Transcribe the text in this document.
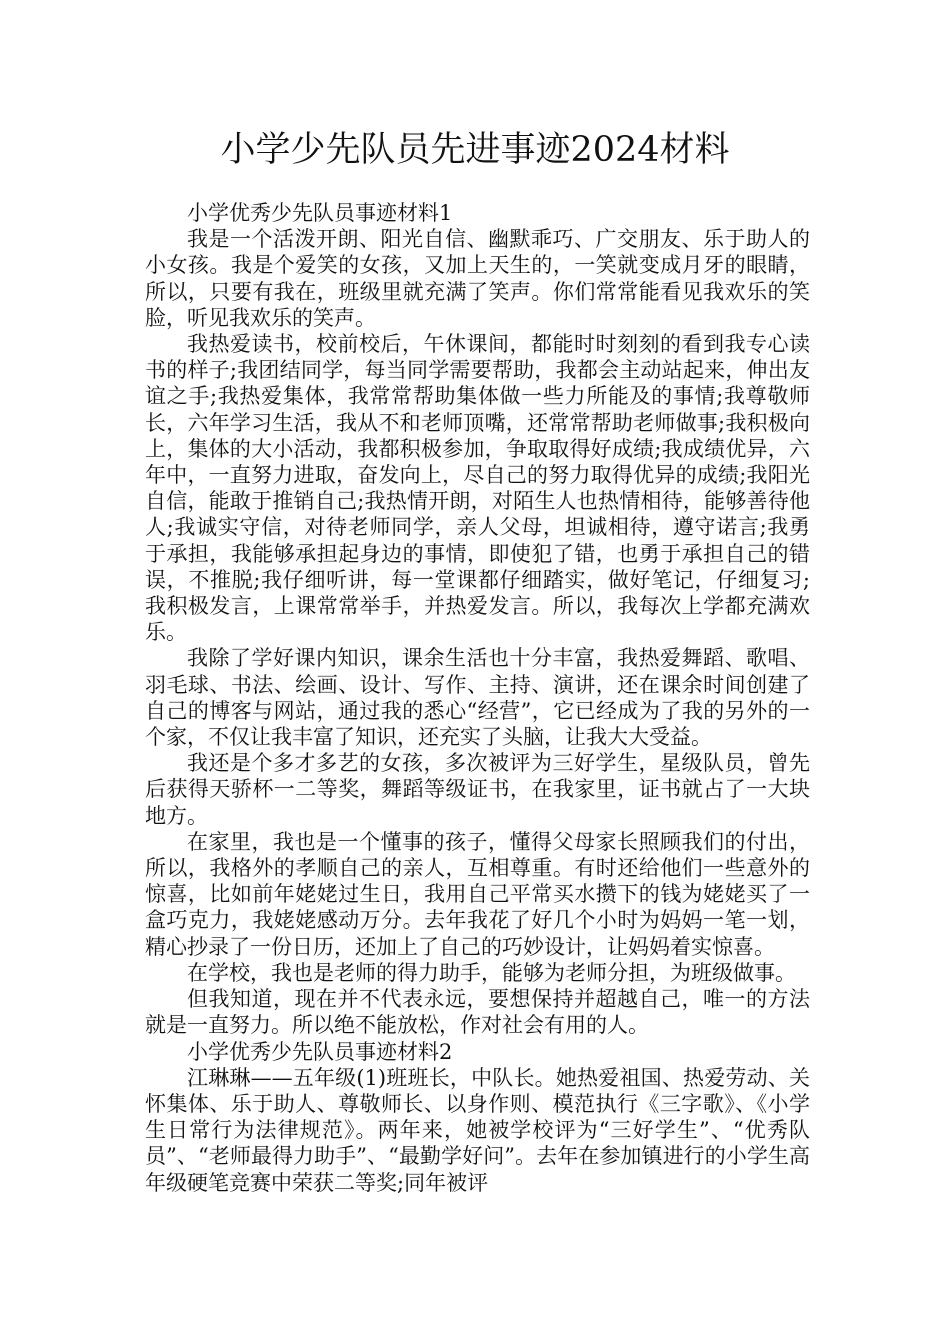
小学少先队员先进事迹2024材料

小学优秀少先队员事迹材料1

我是一个活泼开朗、阳光自信、幽默乖巧、广交朋友、乐于助人的小女孩。我是个爱笑的女孩，又加上天生的，一笑就变成月牙的眼睛，所以，只要有我在，班级里就充满了笑声。你们常常能看见我欢乐的笑脸，听见我欢乐的笑声。

我热爱读书，校前校后，午休课间，都能时时刻刻的看到我专心读书的样子;我团结同学，每当同学需要帮助，我都会主动站起来，伸出友谊之手;我热爱集体，我常常帮助集体做一些力所能及的事情;我尊敬师长，六年学习生活，我从不和老师顶嘴，还常常帮助老师做事;我积极向上，集体的大小活动，我都积极参加，争取取得好成绩;我成绩优异，六年中，一直努力进取，奋发向上，尽自己的努力取得优异的成绩;我阳光自信，能敢于推销自己;我热情开朗，对陌生人也热情相待，能够善待他人;我诚实守信，对待老师同学，亲人父母，坦诚相待，遵守诺言;我勇于承担，我能够承担起身边的事情，即使犯了错，也勇于承担自己的错误，不推脱;我仔细听讲，每一堂课都仔细踏实，做好笔记，仔细复习;我积极发言，上课常常举手，并热爱发言。所以，我每次上学都充满欢乐。

我除了学好课内知识，课余生活也十分丰富，我热爱舞蹈、歌唱、羽毛球、书法、绘画、设计、写作、主持、演讲，还在课余时间创建了自己的博客与网站，通过我的悉心“经营”，它已经成为了我的另外的一个家，不仅让我丰富了知识，还充实了头脑，让我大大受益。

我还是个多才多艺的女孩，多次被评为三好学生，星级队员，曾先后获得天骄杯一二等奖，舞蹈等级证书，在我家里，证书就占了一大块地方。

在家里，我也是一个懂事的孩子，懂得父母家长照顾我们的付出，所以，我格外的孝顺自己的亲人，互相尊重。有时还给他们一些意外的惊喜，比如前年姥姥过生日，我用自己平常买水攒下的钱为姥姥买了一盒巧克力，我姥姥感动万分。去年我花了好几个小时为妈妈一笔一划，精心抄录了一份日历，还加上了自己的巧妙设计，让妈妈着实惊喜。

在学校，我也是老师的得力助手，能够为老师分担，为班级做事。

但我知道，现在并不代表永远，要想保持并超越自己，唯一的方法就是一直努力。所以绝不能放松，作对社会有用的人。

小学优秀少先队员事迹材料2

江琳琳——五年级(1)班班长，中队长。她热爱祖国、热爱劳动、关怀集体、乐于助人、尊敬师长、以身作则、模范执行《三字歌》、《小学生日常行为法律规范》。两年来，她被学校评为“三好学生”、“优秀队员”、“老师最得力助手”、“最勤学好问”。去年在参加镇进行的小学生高年级硬笔竞赛中荣获二等奖;同年被评
